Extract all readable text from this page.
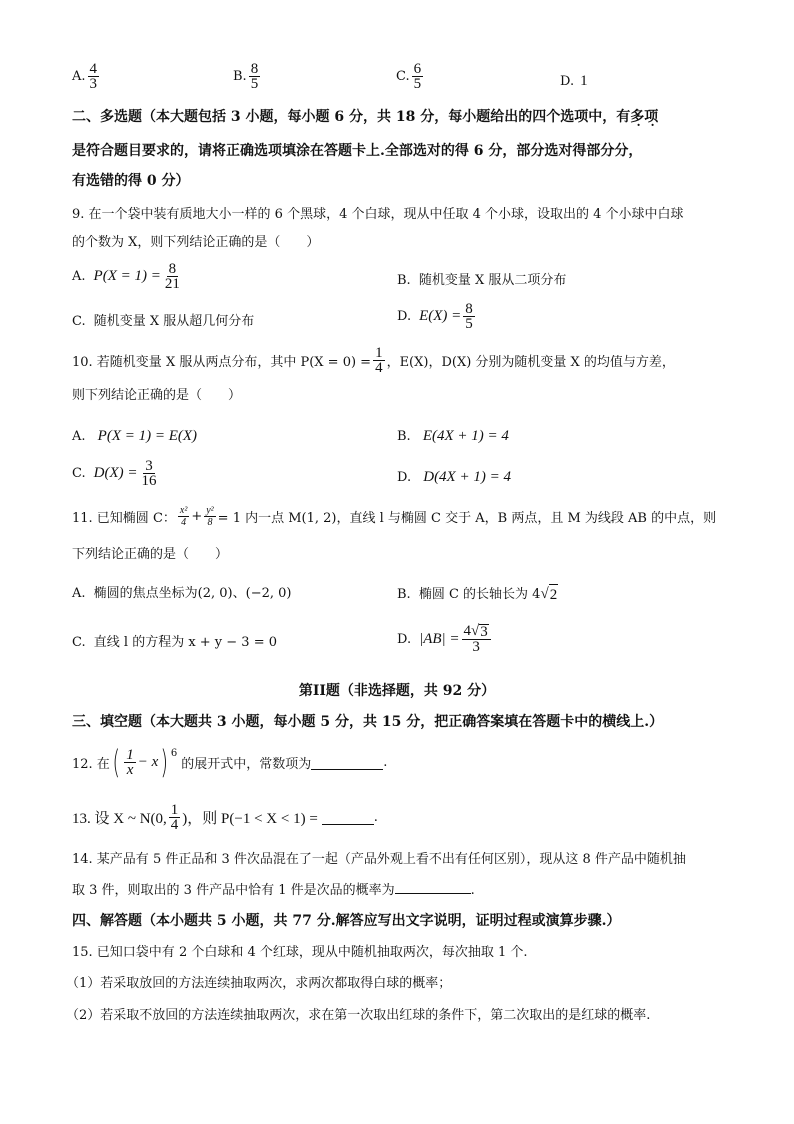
A. $\frac{4}{3}$	B. $\frac{8}{5}$	C. $\frac{6}{5}$	D. 1
二、多选题（本大题包括 3 小题，每小题 6 分，共 18 分，每小题给出的四个选项中，有多项
是符合题目要求的，请将正确选项填涂在答题卡上.全部选对的得 6 分，部分选对得部分分，
有选错的得 0 分）
9. 在一个袋中装有质地大小一样的 6 个黑球，4 个白球，现从中任取 4 个小球，设取出的 4 个小球中白球
的个数为 X，则下列结论正确的是（　　）
A. $P(X = 1) = \frac{8}{21}$	B. 随机变量 X 服从二项分布
C. 随机变量 X 服从超几何分布	D. $E(X) = \frac{8}{5}$
10. 若随机变量 X 服从两点分布，其中 $P(X = 0) = \frac{1}{4}$ ，E(X)，D(X) 分别为随机变量 X 的均值与方差，
则下列结论正确的是（　　）
A. P(X = 1) = E(X)	B. E(4X + 1) = 4
C. $D(X) = \frac{3}{16}$	D. D(4X + 1) = 4
11. 已知椭圆 C： $\frac{\text{x²}}{4} + \frac{\text{y²}}{8} = 1$ 内一点 M(1, 2)，直线 l 与椭圆 C 交于 A，B 两点，且 M 为线段 AB 的中点，则
下列结论正确的是（　　）
A. 椭圆的焦点坐标为(2, 0)、(−2, 0)	B. 椭圆 C 的长轴长为 4 √ 2
C. 直线 l 的方程为 x + y − 3 = 0	D. $|AB| = \frac{4 √ 3}{3}$
第II题（非选择题，共 92 分）
三、填空题（本大题共 3 小题，每小题 5 分，共 15 分，把正确答案填在答题卡中的横线上.）
12. 在 ( $\frac{1}{x} - x$ ) 6
的展开式中，常数项为	.
13. 设 X ~ N(0, $\frac{1}{4}$ )，则 P(−1 < X < 1) =	.
14. 某产品有 5 件正品和 3 件次品混在了一起（产品外观上看不出有任何区别），现从这 8 件产品中随机抽
取 3 件，则取出的 3 件产品中恰有 1 件是次品的概率为	.
四、解答题（本小题共 5 小题，共 77 分.解答应写出文字说明，证明过程或演算步骤.）
15. 已知口袋中有 2 个白球和 4 个红球，现从中随机抽取两次，每次抽取 1 个.
（1）若采取放回的方法连续抽取两次，求两次都取得白球的概率；
（2）若采取不放回的方法连续抽取两次，求在第一次取出红球的条件下，第二次取出的是红球的概率.
